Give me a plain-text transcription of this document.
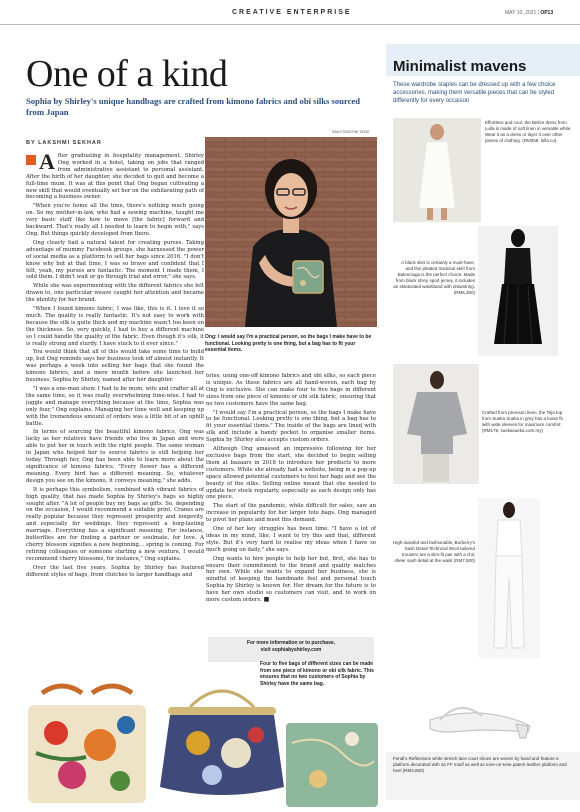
CREATIVE ENTERPRISE	MAY 10, 2021 | OP13
One of a kind
Sophia by Shirley's unique handbags are crafted from kimono fabrics and obi silks sourced from Japan
BY LAKSHMI SEKHAR

After graduating in hospitality management, Shirley Ong worked in a hotel, taking on jobs that ranged from administrative assistant to personal assistant. After the birth of her daughter, she decided to quit and become a full-time mum. It was at this point that Ong began cultivating a new skill that would eventually set her on the exhilarating path of becoming a business owner.

"When you're home all the time, there's nothing much going on. So my mother-in-law, who had a sewing machine, taught me very basic stuff like how to move [the fabric] forward and backward. That's really all I needed to learn to begin with," says Ong. But things quickly developed from there.

Ong clearly had a natural talent for creating purses. Taking advantage of mummy Facebook groups, she harnessed the power of social media as a platform to sell her bags since 2016. "I don't know why but at that time, I was so brave and confident that I felt, yeah, my purses are fantastic. The moment I made them, I sold them. I didn't wait or go through trial and error," she says.

While she was experimenting with the different fabrics she felt drawn to, one particular weave caught her attention and became the identity for her brand.

"When I found kimono fabric, I was like, this is it. I love it so much. The quality is really fantastic. It's not easy to work with because the silk is quite thick and my machine wasn't too keen on the thickness. So, very quickly, I had to buy a different machine so I could handle the quality of the fabric. Even though it's silk, it is really strong and sturdy. I have stuck to it ever since."

You would think that all of this would take some time to build up, but Ong reminds says her business took off almost instantly. It was perhaps a week into selling her bags that she found the kimono fabrics, and a mere month before she launched her business, Sophia by Shirley, named after her daughter.

"I was a one-man show. I had to be mum, wife and crafter all at the same time, so it was really overwhelming time-wise. I had to juggle and manage everything because at the time, Sophia was only four," Ong explains. Managing her time well and keeping up with the tremendous amount of orders was a little bit of an uphill battle.

In terms of sourcing the beautiful kimono fabrics, Ong was lucky as her relatives have friends who live in Japan and were able to put her in touch with the right people. The same woman in Japan who helped her to source fabrics is still helping her today. Through her, Ong has been able to learn more about the significance of kimono fabrics. "Every flower has a different meaning. Every bird has a different meaning. So, whatever design you see on the kimono, it conveys meaning," she adds.

It is perhaps this symbolism, combined with vibrant fabrics of high quality, that has made Sophia by Shirley's bags so highly sought after. "A lot of people buy my bags as gifts. So, depending on the occasion, I would recommend a suitable print. Cranes are really popular because they represent prosperity and longevity, and especially for weddings, they represent a long-lasting marriage. Everything has a significant meaning. For instance, butterflies are for finding a partner or soulmate, for love. A cherry blossom signifies a new beginning... spring is coming. For retiring colleagues or someone starting a new venture, I would recommend cherry blossoms, for instance," Ong explains.

Over the last five years, Sophia by Shirley has featured different styles of bags, from clutches to larger handbags and

SAM FONG/THE EDGE
Ong: I would say I'm a practical person, so the bags I make have to be functional. Looking pretty is one thing, but a bag has to fit your essential items.

totes, using one-off kimono fabrics and obi silks, so each piece is unique. As these fabrics are all hand-woven, each bag by Ong is exclusive. She can make four to five bags in different sizes from one piece of kimono or obi silk fabric, ensuring that no two customers have the same bag.

"I would say I'm a practical person, so the bags I make have to be functional. Looking pretty is one thing, but a bag has to fit your essential items." The inside of the bags are lined with silk and include a handy pocket to organise smaller items. Sophia by Shirley also accepts custom orders.

Although Ong amassed an impressive following for her exclusive bags from the start, she decided to begin selling them at bazaars in 2018 to introduce her products to more customers. While she already had a website, being in a pop-up space allowed potential customers to feel her bags and see the beauty of the silks. Selling online meant that she needed to update her stock regularly, especially as each design only has one piece.

The start of the pandemic, while difficult for sales, saw an increase in popularity for her larger tote bags. Ong managed to pivot her plans and meet this demand.

One of her key struggles has been time. "I have a lot of ideas in my mind, like, I want to try this and that, different style. But it's very hard to realise my ideas when I have so much going on daily," she says.

Ong wants to hire people to help her but, first, she has to ensure their commitment to the brand and quality matches her own. While she wants to expand her business, she is mindful of keeping the handmade feel and personal touch Sophia by Shirley is known for. Her dream for the future is to have her own studio so customers can visit, and to work on more custom orders. ■

For more information or to purchase,
visit sophiabyshirley.com
Four to five bags of different sizes can be made from one piece of kimono or obi silk fabric. This ensures that no two customers of Sophia by Shirley have the same bag.
Minimalist mavens
These wardrobe staples can be dressed up with a few choice accessories, making them versatile pieces that can be styled differently for every occasion
Effortless and cool, the Belize dress from Lulla is made of soft linen in versatile white. Wear it as a dress or layer it over other pieces of clothing. (RM359, lulla.co)
A black skirt is certainly a must-have, and this pleated tracksuit skirt from Balenciaga is the perfect choice. Made from black shiny sport jersey, it includes an elasticated waistband with drawstring. (RM6,350)
Crafted from premium linen, the Teja top from Sueka Sueka in grey has a loose fit with wide sleeves for maximum comfort (RM179, suekasueka.com.my)
High-waisted and fashionable, Burberry's Sash Detail Technical Wool tailored trousers are a slim-fit pair with a chic sheer sash detail at the waist (RM7,500)
Fendi's Reflections white stretch lace court shoes are woven by hand and feature a platform decorated with an FF motif as well as tone-on-tone patent leather platform and heel (RM4,850)
